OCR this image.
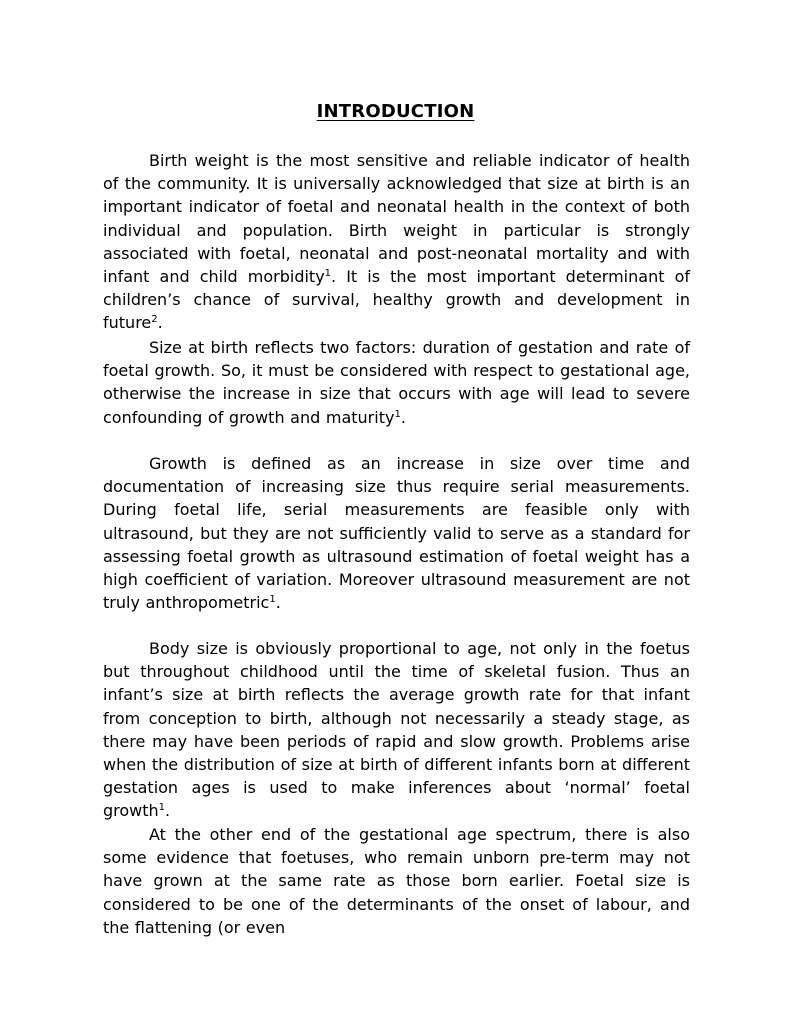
INTRODUCTION

Birth weight is the most sensitive and reliable indicator of health of the community. It is universally acknowledged that size at birth is an important indicator of foetal and neonatal health in the context of both individual and population. Birth weight in particular is strongly associated with foetal, neonatal and post-neonatal mortality and with infant and child morbidity$^1$. It is the most important determinant of children’s chance of survival, healthy growth and development in future$^2$.

Size at birth reflects two factors: duration of gestation and rate of foetal growth. So, it must be considered with respect to gestational age, otherwise the increase in size that occurs with age will lead to severe confounding of growth and maturity$^1$.

Growth is defined as an increase in size over time and documentation of increasing size thus require serial measurements. During foetal life, serial measurements are feasible only with ultrasound, but they are not sufficiently valid to serve as a standard for assessing foetal growth as ultrasound estimation of foetal weight has a high coefficient of variation. Moreover ultrasound measurement are not truly anthropometric$^1$.

Body size is obviously proportional to age, not only in the foetus but throughout childhood until the time of skeletal fusion. Thus an infant’s size at birth reflects the average growth rate for that infant from conception to birth, although not necessarily a steady stage, as there may have been periods of rapid and slow growth. Problems arise when the distribution of size at birth of different infants born at different gestation ages is used to make inferences about ‘normal’ foetal growth$^1$.

At the other end of the gestational age spectrum, there is also some evidence that foetuses, who remain unborn pre-term may not have grown at the same rate as those born earlier. Foetal size is considered to be one of the determinants of the onset of labour, and the flattening (or even
